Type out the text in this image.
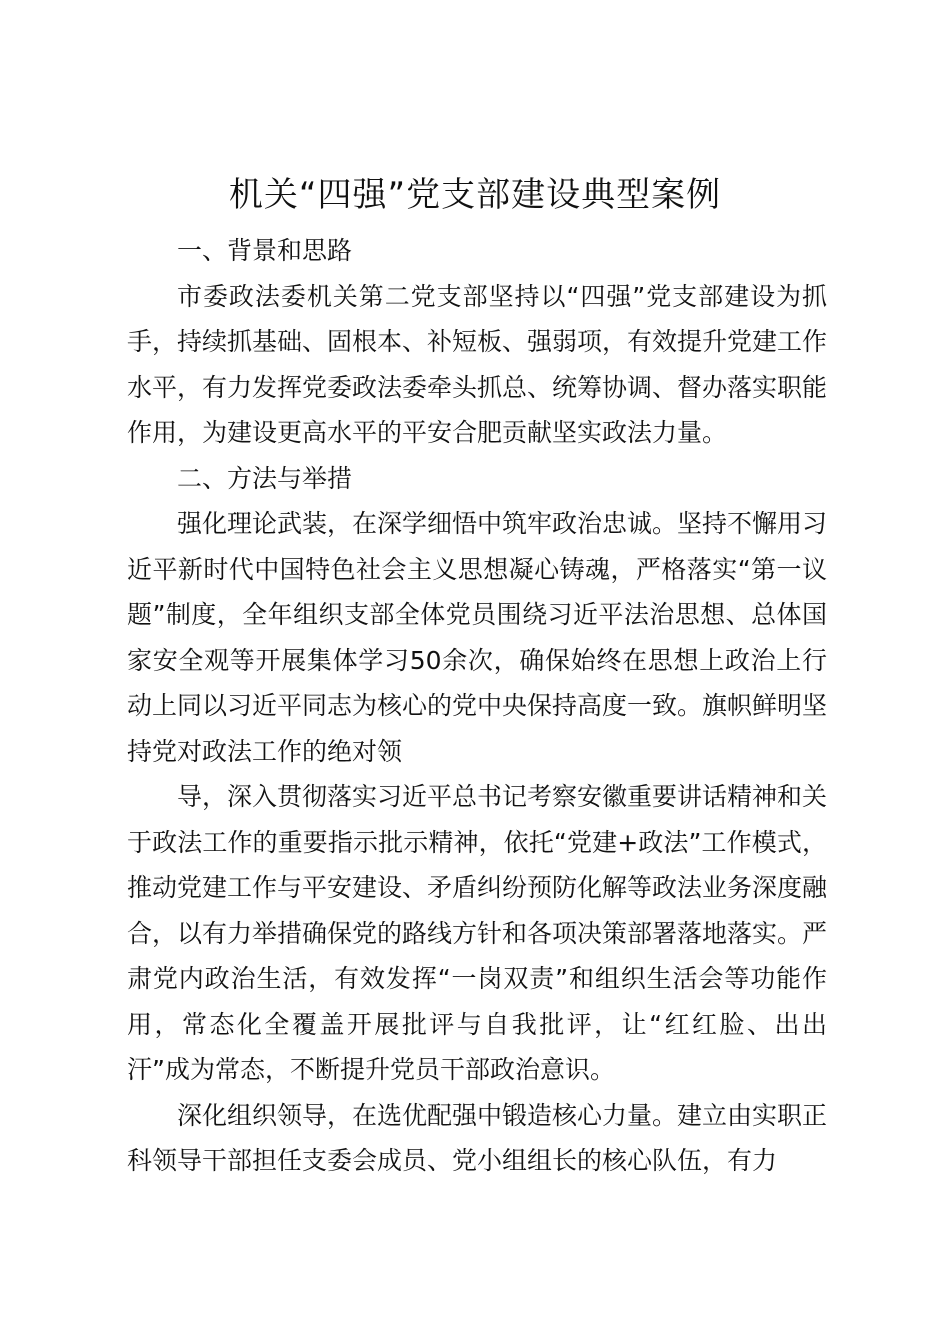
机关“四强”党支部建设典型案例

一、背景和思路

市委政法委机关第二党支部坚持以“四强”党支部建设为抓手，持续抓基础、固根本、补短板、强弱项，有效提升党建工作水平，有力发挥党委政法委牵头抓总、统筹协调、督办落实职能作用，为建设更高水平的平安合肥贡献坚实政法力量。

二、方法与举措

强化理论武装，在深学细悟中筑牢政治忠诚。坚持不懈用习近平新时代中国特色社会主义思想凝心铸魂，严格落实“第一议题”制度，全年组织支部全体党员围绕习近平法治思想、总体国家安全观等开展集体学习50余次，确保始终在思想上政治上行动上同以习近平同志为核心的党中央保持高度一致。旗帜鲜明坚持党对政法工作的绝对领

导，深入贯彻落实习近平总书记考察安徽重要讲话精神和关于政法工作的重要指示批示精神，依托“党建+政法”工作模式，推动党建工作与平安建设、矛盾纠纷预防化解等政法业务深度融合，以有力举措确保党的路线方针和各项决策部署落地落实。严肃党内政治生活，有效发挥“一岗双责”和组织生活会等功能作用，常态化全覆盖开展批评与自我批评，让“红红脸、出出汗”成为常态，不断提升党员干部政治意识。

深化组织领导，在选优配强中锻造核心力量。建立由实职正科领导干部担任支委会成员、党小组组长的核心队伍，有力
